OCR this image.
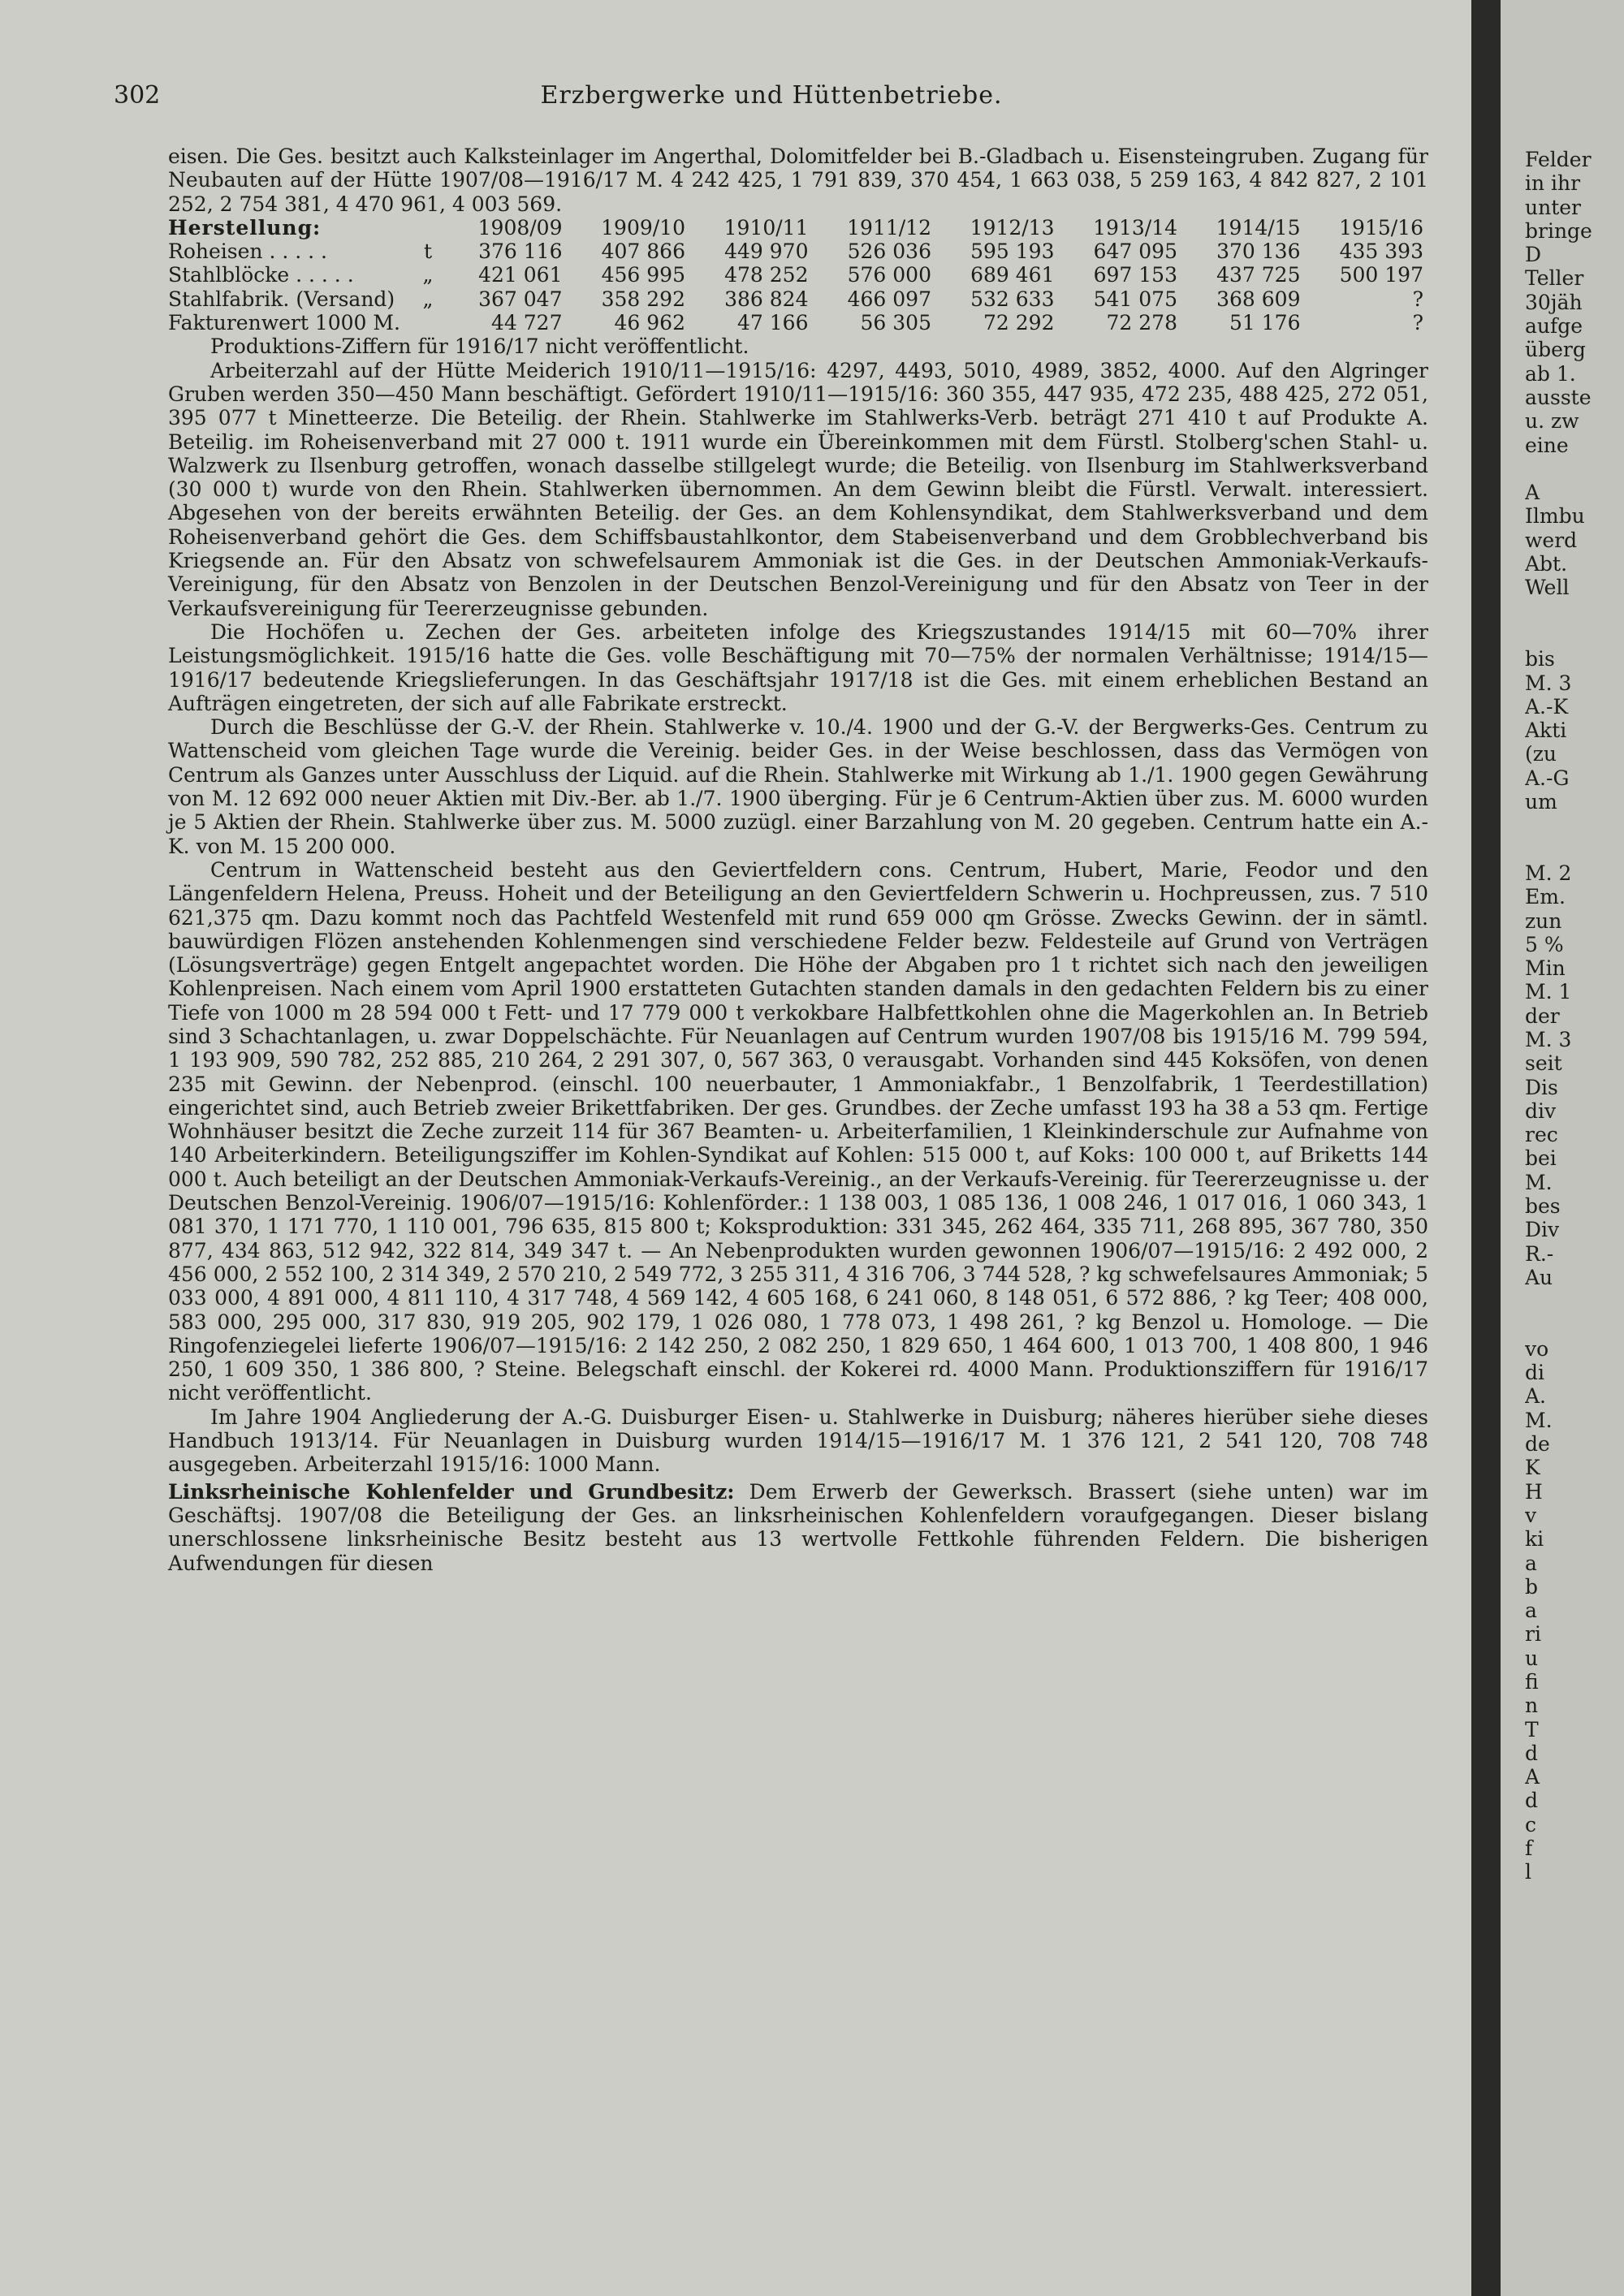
302	Erzbergwerke und Hüttenbetriebe.

eisen. Die Ges. besitzt auch Kalksteinlager im Angerthal, Dolomitfelder bei B.-Gladbach u. Eisensteingruben. Zugang für Neubauten auf der Hütte 1907/08—1916/17 M. 4 242 425, 1 791 839, 370 454, 1 663 038, 5 259 163, 4 842 827, 2 101 252, 2 754 381, 4 470 961, 4 003 569.

Herstellung:		1908/09	1909/10	1910/11	1911/12	1912/13	1913/14	1914/15	1915/16
Roheisen . . . . .	t	376 116	407 866	449 970	526 036	595 193	647 095	370 136	435 393
Stahlblöcke . . . . .	„	421 061	456 995	478 252	576 000	689 461	697 153	437 725	500 197
Stahlfabrik. (Versand)	„	367 047	358 292	386 824	466 097	532 633	541 075	368 609	?
Fakturenwert 1000 M.		44 727	46 962	47 166	56 305	72 292	72 278	51 176	?

Produktions-Ziffern für 1916/17 nicht veröffentlicht.

Arbeiterzahl auf der Hütte Meiderich 1910/11—1915/16: 4297, 4493, 5010, 4989, 3852, 4000. Auf den Algringer Gruben werden 350—450 Mann beschäftigt. Gefördert 1910/11—1915/16: 360 355, 447 935, 472 235, 488 425, 272 051, 395 077 t Minetteerze. Die Beteilig. der Rhein. Stahlwerke im Stahlwerks-Verb. beträgt 271 410 t auf Produkte A. Beteilig. im Roheisenverband mit 27 000 t. 1911 wurde ein Übereinkommen mit dem Fürstl. Stolberg'schen Stahl- u. Walzwerk zu Ilsenburg getroffen, wonach dasselbe stillgelegt wurde; die Beteilig. von Ilsenburg im Stahlwerksverband (30 000 t) wurde von den Rhein. Stahlwerken übernommen. An dem Gewinn bleibt die Fürstl. Verwalt. interessiert. Abgesehen von der bereits erwähnten Beteilig. der Ges. an dem Kohlensyndikat, dem Stahlwerksverband und dem Roheisenverband gehört die Ges. dem Schiffsbaustahlkontor, dem Stabeisenverband und dem Grobblechverband bis Kriegsende an. Für den Absatz von schwefelsaurem Ammoniak ist die Ges. in der Deutschen Ammoniak-Verkaufs-Vereinigung, für den Absatz von Benzolen in der Deutschen Benzol-Vereinigung und für den Absatz von Teer in der Verkaufsvereinigung für Teererzeugnisse gebunden.

Die Hochöfen u. Zechen der Ges. arbeiteten infolge des Kriegszustandes 1914/15 mit 60—70% ihrer Leistungsmöglichkeit. 1915/16 hatte die Ges. volle Beschäftigung mit 70—75% der normalen Verhältnisse; 1914/15—1916/17 bedeutende Kriegslieferungen. In das Geschäftsjahr 1917/18 ist die Ges. mit einem erheblichen Bestand an Aufträgen eingetreten, der sich auf alle Fabrikate erstreckt.

Durch die Beschlüsse der G.-V. der Rhein. Stahlwerke v. 10./4. 1900 und der G.-V. der Bergwerks-Ges. Centrum zu Wattenscheid vom gleichen Tage wurde die Vereinig. beider Ges. in der Weise beschlossen, dass das Vermögen von Centrum als Ganzes unter Ausschluss der Liquid. auf die Rhein. Stahlwerke mit Wirkung ab 1./1. 1900 gegen Gewährung von M. 12 692 000 neuer Aktien mit Div.-Ber. ab 1./7. 1900 überging. Für je 6 Centrum-Aktien über zus. M. 6000 wurden je 5 Aktien der Rhein. Stahlwerke über zus. M. 5000 zuzügl. einer Barzahlung von M. 20 gegeben. Centrum hatte ein A.-K. von M. 15 200 000.

Centrum in Wattenscheid besteht aus den Geviertfeldern cons. Centrum, Hubert, Marie, Feodor und den Längenfeldern Helena, Preuss. Hoheit und der Beteiligung an den Geviertfeldern Schwerin u. Hochpreussen, zus. 7 510 621,375 qm. Dazu kommt noch das Pachtfeld Westenfeld mit rund 659 000 qm Grösse. Zwecks Gewinn. der in sämtl. bauwürdigen Flözen anstehenden Kohlenmengen sind verschiedene Felder bezw. Feldesteile auf Grund von Verträgen (Lösungsverträge) gegen Entgelt angepachtet worden. Die Höhe der Abgaben pro 1 t richtet sich nach den jeweiligen Kohlenpreisen. Nach einem vom April 1900 erstatteten Gutachten standen damals in den gedachten Feldern bis zu einer Tiefe von 1000 m 28 594 000 t Fett- und 17 779 000 t verkokbare Halbfettkohlen ohne die Magerkohlen an. In Betrieb sind 3 Schachtanlagen, u. zwar Doppelschächte. Für Neuanlagen auf Centrum wurden 1907/08 bis 1915/16 M. 799 594, 1 193 909, 590 782, 252 885, 210 264, 2 291 307, 0, 567 363, 0 verausgabt. Vorhanden sind 445 Koksöfen, von denen 235 mit Gewinn. der Nebenprod. (einschl. 100 neuerbauter, 1 Ammoniakfabr., 1 Benzolfabrik, 1 Teerdestillation) eingerichtet sind, auch Betrieb zweier Brikettfabriken. Der ges. Grundbes. der Zeche umfasst 193 ha 38 a 53 qm. Fertige Wohnhäuser besitzt die Zeche zurzeit 114 für 367 Beamten- u. Arbeiterfamilien, 1 Kleinkinderschule zur Aufnahme von 140 Arbeiterkindern. Beteiligungsziffer im Kohlen-Syndikat auf Kohlen: 515 000 t, auf Koks: 100 000 t, auf Briketts 144 000 t. Auch beteiligt an der Deutschen Ammoniak-Verkaufs-Vereinig., an der Verkaufs-Vereinig. für Teererzeugnisse u. der Deutschen Benzol-Vereinig. 1906/07—1915/16: Kohlenförder.: 1 138 003, 1 085 136, 1 008 246, 1 017 016, 1 060 343, 1 081 370, 1 171 770, 1 110 001, 796 635, 815 800 t; Koksproduktion: 331 345, 262 464, 335 711, 268 895, 367 780, 350 877, 434 863, 512 942, 322 814, 349 347 t. — An Nebenprodukten wurden gewonnen 1906/07—1915/16: 2 492 000, 2 456 000, 2 552 100, 2 314 349, 2 570 210, 2 549 772, 3 255 311, 4 316 706, 3 744 528, ? kg schwefelsaures Ammoniak; 5 033 000, 4 891 000, 4 811 110, 4 317 748, 4 569 142, 4 605 168, 6 241 060, 8 148 051, 6 572 886, ? kg Teer; 408 000, 583 000, 295 000, 317 830, 919 205, 902 179, 1 026 080, 1 778 073, 1 498 261, ? kg Benzol u. Homologe. — Die Ringofenziegelei lieferte 1906/07—1915/16: 2 142 250, 2 082 250, 1 829 650, 1 464 600, 1 013 700, 1 408 800, 1 946 250, 1 609 350, 1 386 800, ? Steine. Belegschaft einschl. der Kokerei rd. 4000 Mann. Produktionsziffern für 1916/17 nicht veröffentlicht.

Im Jahre 1904 Angliederung der A.-G. Duisburger Eisen- u. Stahlwerke in Duisburg; näheres hierüber siehe dieses Handbuch 1913/14. Für Neuanlagen in Duisburg wurden 1914/15—1916/17 M. 1 376 121, 2 541 120, 708 748 ausgegeben. Arbeiterzahl 1915/16: 1000 Mann.

Linksrheinische Kohlenfelder und Grundbesitz: Dem Erwerb der Gewerksch. Brassert (siehe unten) war im Geschäftsj. 1907/08 die Beteiligung der Ges. an linksrheinischen Kohlenfeldern voraufgegangen. Dieser bislang unerschlossene linksrheinische Besitz besteht aus 13 wertvolle Fettkohle führenden Feldern. Die bisherigen Aufwendungen für diesen

Felder
in ihr
unter
bringe
D
Teller
30jäh
aufge
überg
ab 1.
ausste
u. zw
eine
A
Ilmbu
werd
Abt.
Well
bis
M. 3
A.-K
Akti
(zu
A.-G
um
M. 2
Em.
zun
5 %
Min
M. 1
der
M. 3
seit
Dis
div
rec
bei
M.
bes
Div
R.-
Au
vo
di
A.
M.
de
K
H
v
ki
a
b
a
ri
u
fi
n
T
d
A
d
c
f
l
